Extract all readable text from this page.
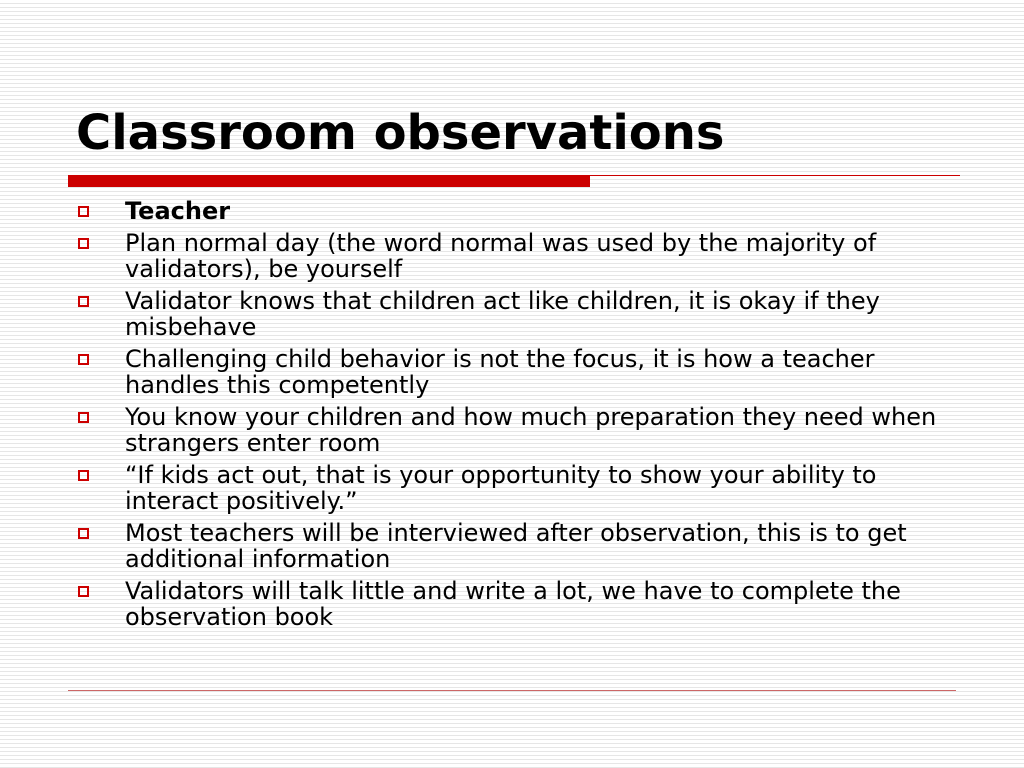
Classroom observations
Teacher
Plan normal day (the word normal was used by the majority of validators), be yourself
Validator knows that children act like children, it is okay if they misbehave
Challenging child behavior is not the focus, it is how a teacher handles this competently
You know your children and how much preparation they need when strangers enter room
“If kids act out, that is your opportunity to show your ability to interact positively.”
Most teachers will be interviewed after observation, this is to get additional information
Validators will talk little and write a lot, we have to complete the observation book
